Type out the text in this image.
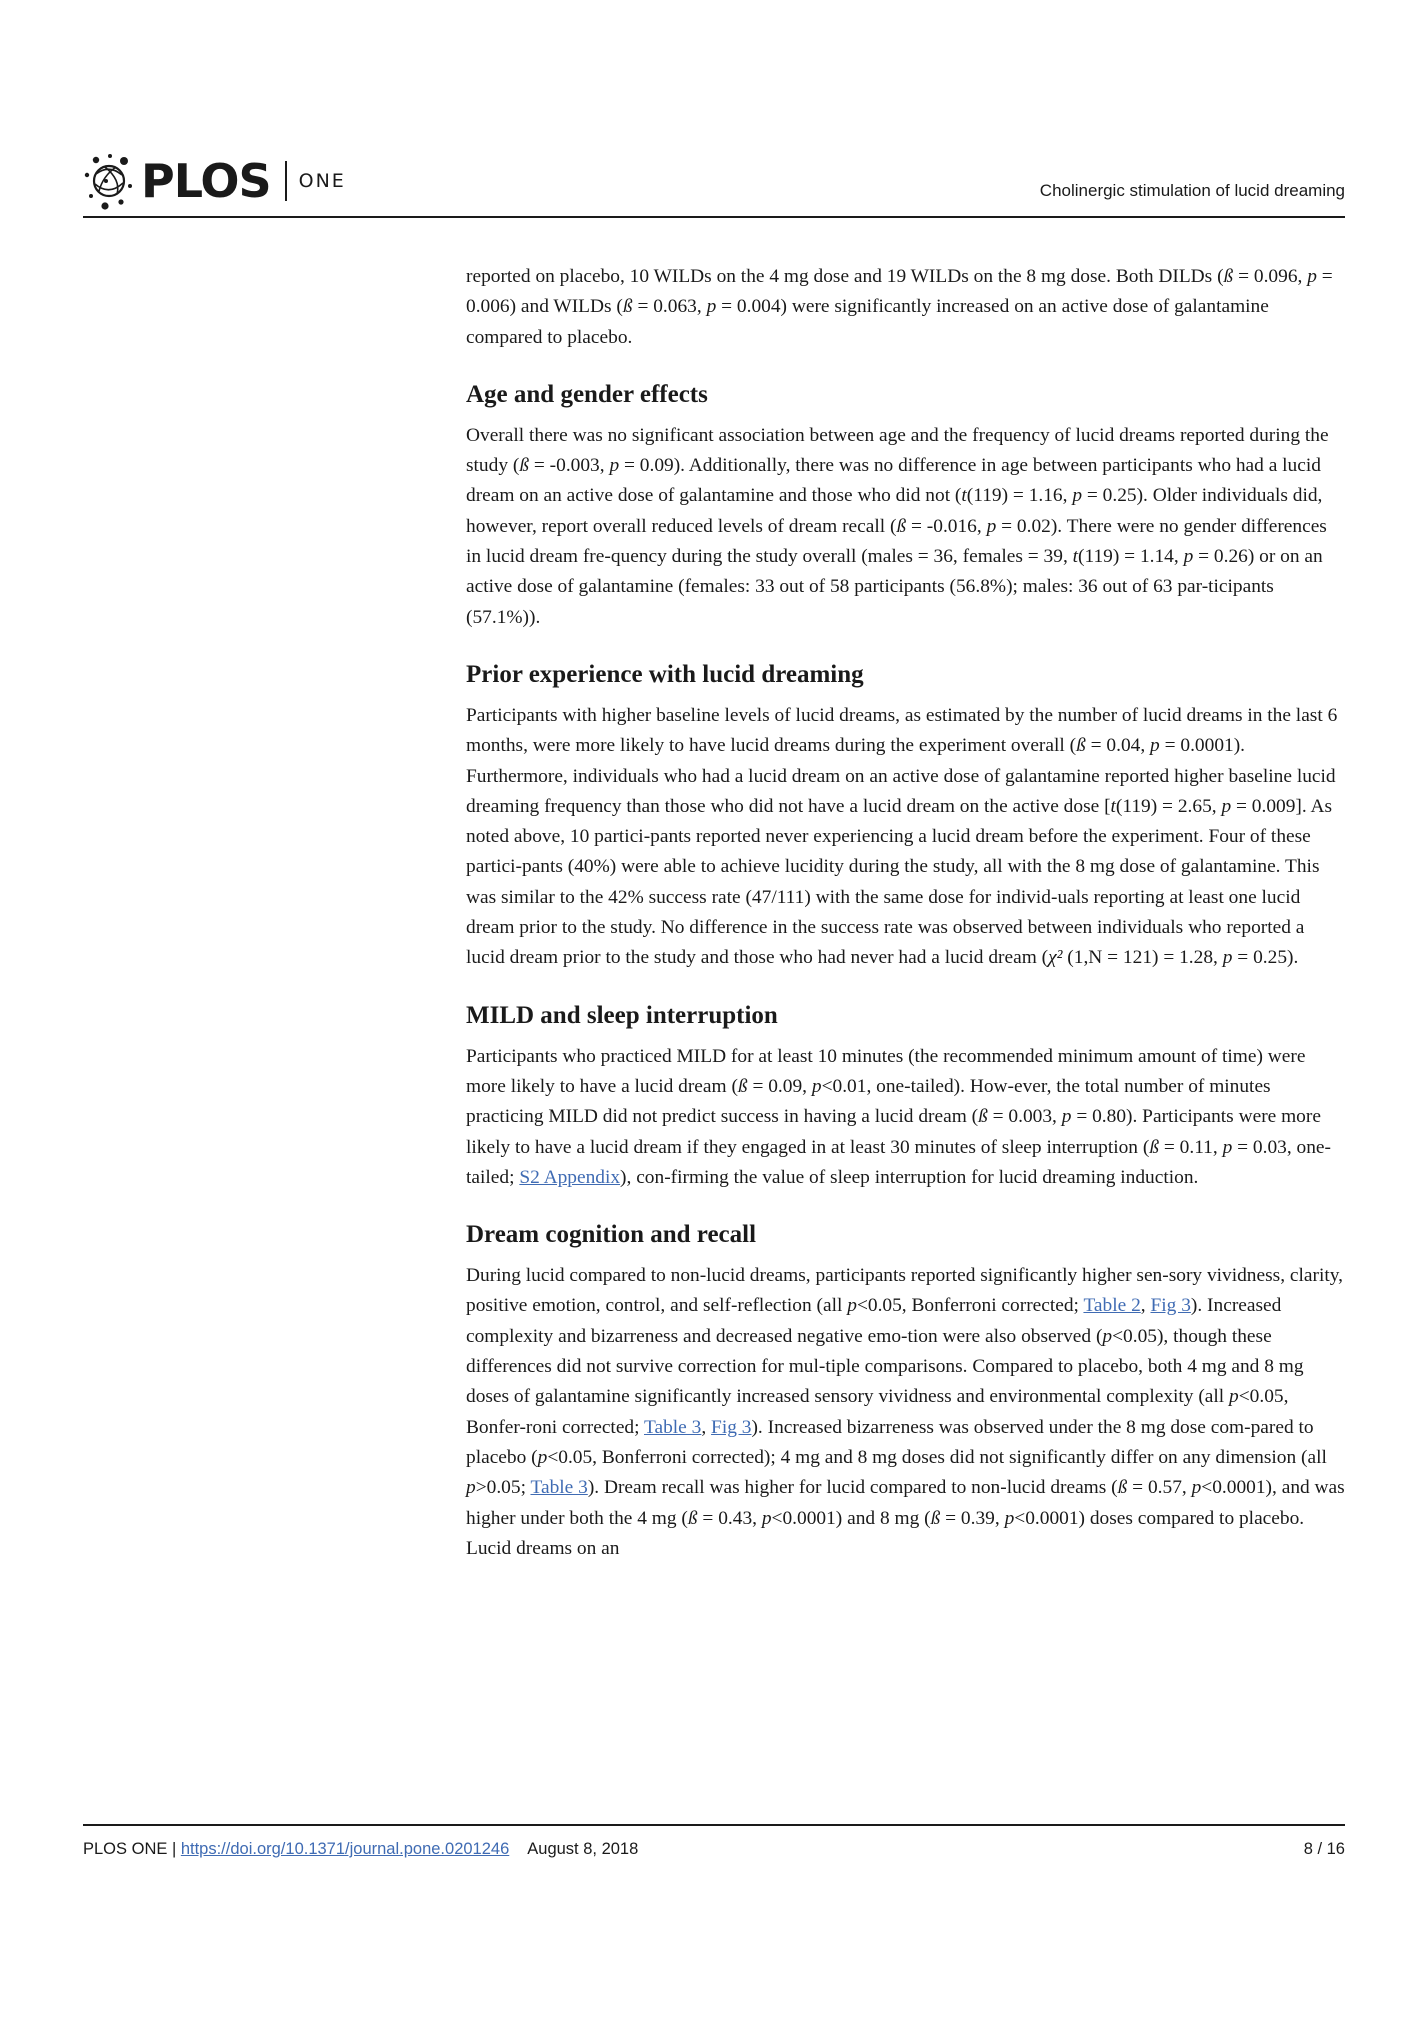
PLOS ONE	Cholinergic stimulation of lucid dreaming

reported on placebo, 10 WILDs on the 4 mg dose and 19 WILDs on the 8 mg dose. Both DILDs (ß = 0.096, p = 0.006) and WILDs (ß = 0.063, p = 0.004) were significantly increased on an active dose of galantamine compared to placebo.

Age and gender effects

Overall there was no significant association between age and the frequency of lucid dreams reported during the study (ß = -0.003, p = 0.09). Additionally, there was no difference in age between participants who had a lucid dream on an active dose of galantamine and those who did not (t(119) = 1.16, p = 0.25). Older individuals did, however, report overall reduced levels of dream recall (ß = -0.016, p = 0.02). There were no gender differences in lucid dream fre-quency during the study overall (males = 36, females = 39, t(119) = 1.14, p = 0.26) or on an active dose of galantamine (females: 33 out of 58 participants (56.8%); males: 36 out of 63 par-ticipants (57.1%)).

Prior experience with lucid dreaming

Participants with higher baseline levels of lucid dreams, as estimated by the number of lucid dreams in the last 6 months, were more likely to have lucid dreams during the experiment overall (ß = 0.04, p = 0.0001). Furthermore, individuals who had a lucid dream on an active dose of galantamine reported higher baseline lucid dreaming frequency than those who did not have a lucid dream on the active dose [t(119) = 2.65, p = 0.009]. As noted above, 10 partici-pants reported never experiencing a lucid dream before the experiment. Four of these partici-pants (40%) were able to achieve lucidity during the study, all with the 8 mg dose of galantamine. This was similar to the 42% success rate (47/111) with the same dose for individ-uals reporting at least one lucid dream prior to the study. No difference in the success rate was observed between individuals who reported a lucid dream prior to the study and those who had never had a lucid dream (χ² (1,N = 121) = 1.28, p = 0.25).

MILD and sleep interruption

Participants who practiced MILD for at least 10 minutes (the recommended minimum amount of time) were more likely to have a lucid dream (ß = 0.09, p<0.01, one-tailed). How-ever, the total number of minutes practicing MILD did not predict success in having a lucid dream (ß = 0.003, p = 0.80). Participants were more likely to have a lucid dream if they engaged in at least 30 minutes of sleep interruption (ß = 0.11, p = 0.03, one-tailed; S2 Appendix), con-firming the value of sleep interruption for lucid dreaming induction.

Dream cognition and recall

During lucid compared to non-lucid dreams, participants reported significantly higher sen-sory vividness, clarity, positive emotion, control, and self-reflection (all p<0.05, Bonferroni corrected; Table 2, Fig 3). Increased complexity and bizarreness and decreased negative emo-tion were also observed (p<0.05), though these differences did not survive correction for mul-tiple comparisons. Compared to placebo, both 4 mg and 8 mg doses of galantamine significantly increased sensory vividness and environmental complexity (all p<0.05, Bonfer-roni corrected; Table 3, Fig 3). Increased bizarreness was observed under the 8 mg dose com-pared to placebo (p<0.05, Bonferroni corrected); 4 mg and 8 mg doses did not significantly differ on any dimension (all p>0.05; Table 3). Dream recall was higher for lucid compared to non-lucid dreams (ß = 0.57, p<0.0001), and was higher under both the 4 mg (ß = 0.43, p<0.0001) and 8 mg (ß = 0.39, p<0.0001) doses compared to placebo. Lucid dreams on an

PLOS ONE | https://doi.org/10.1371/journal.pone.0201246 August 8, 2018	8 / 16
